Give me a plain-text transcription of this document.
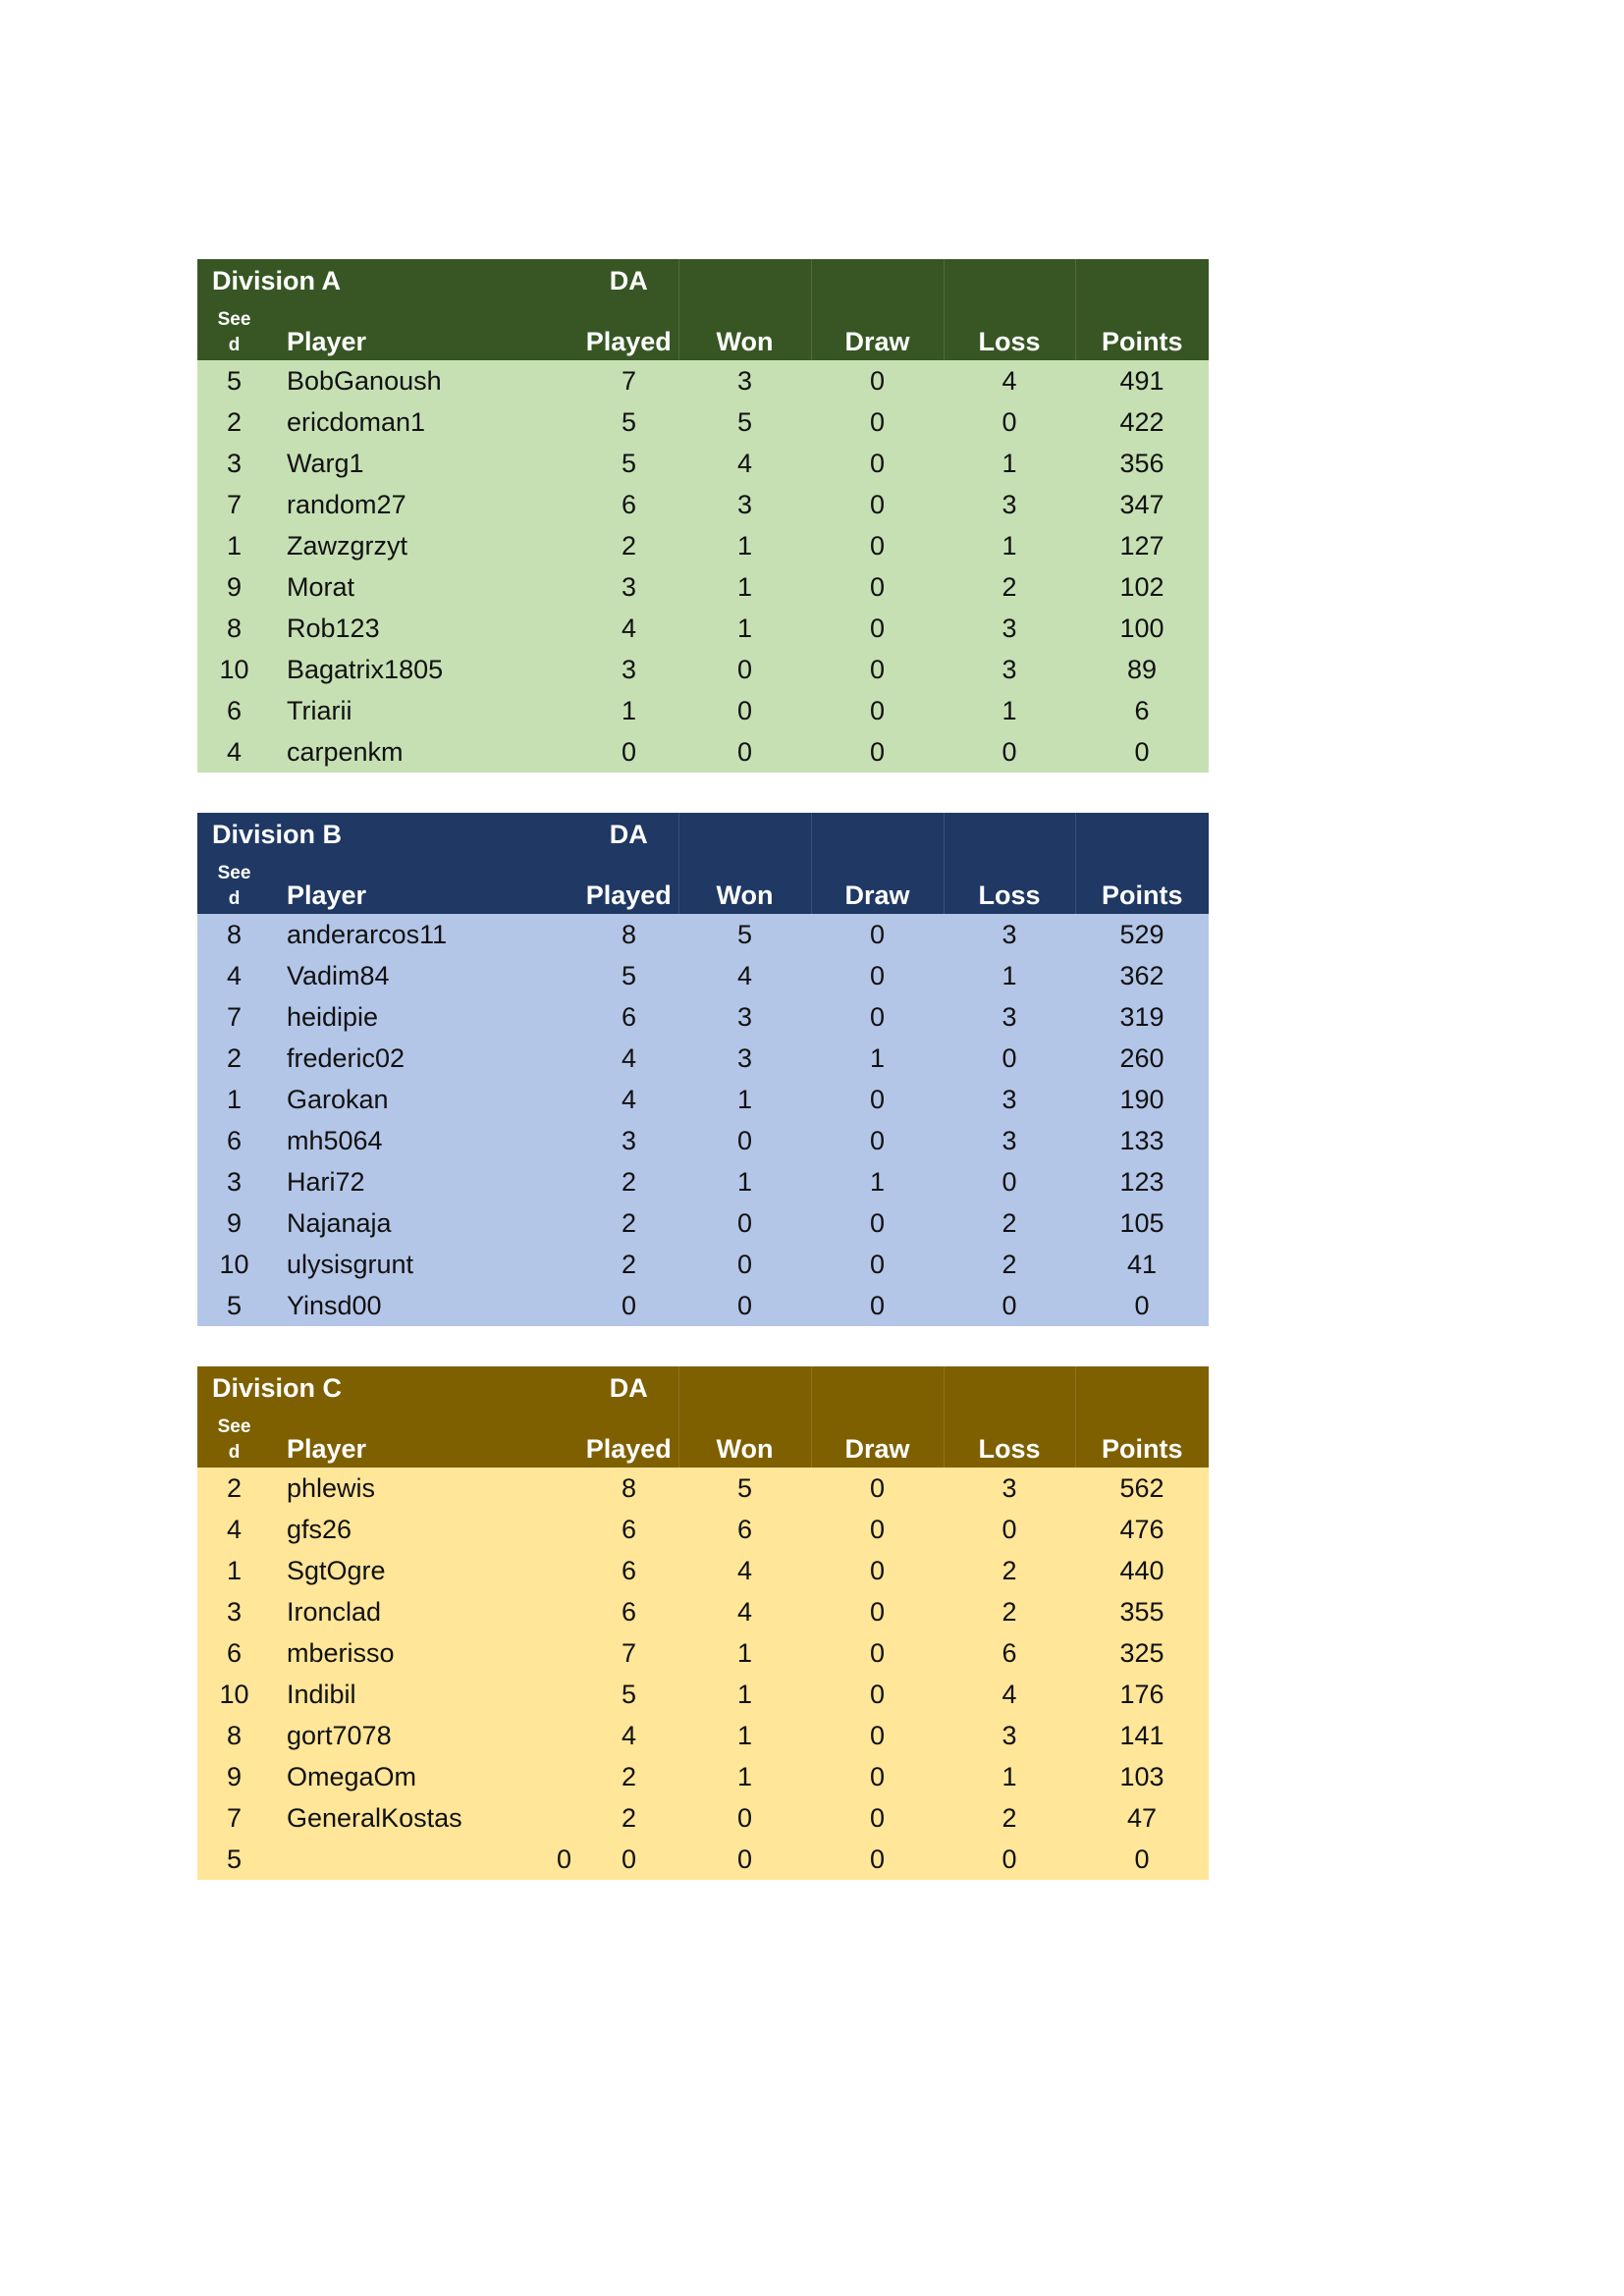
Division A			DA				
See
d	Player		Played	Won	Draw	Loss	Points
5	BobGanoush		7	3	0	4	491
2	ericdoman1		5	5	0	0	422
3	Warg1		5	4	0	1	356
7	random27		6	3	0	3	347
1	Zawzgrzyt		2	1	0	1	127
9	Morat		3	1	0	2	102
8	Rob123		4	1	0	3	100
10	Bagatrix1805		3	0	0	3	89
6	Triarii		1	0	0	1	6
4	carpenkm		0	0	0	0	0
Division B			DA				
See
d	Player		Played	Won	Draw	Loss	Points
8	anderarcos11		8	5	0	3	529
4	Vadim84		5	4	0	1	362
7	heidipie		6	3	0	3	319
2	frederic02		4	3	1	0	260
1	Garokan		4	1	0	3	190
6	mh5064		3	0	0	3	133
3	Hari72		2	1	1	0	123
9	Najanaja		2	0	0	2	105
10	ulysisgrunt		2	0	0	2	41
5	Yinsd00		0	0	0	0	0
Division C			DA				
See
d	Player		Played	Won	Draw	Loss	Points
2	phlewis		8	5	0	3	562
4	gfs26		6	6	0	0	476
1	SgtOgre		6	4	0	2	440
3	Ironclad		6	4	0	2	355
6	mberisso		7	1	0	6	325
10	Indibil		5	1	0	4	176
8	gort7078		4	1	0	3	141
9	OmegaOm		2	1	0	1	103
7	GeneralKostas		2	0	0	2	47
5		0	0	0	0	0	0
